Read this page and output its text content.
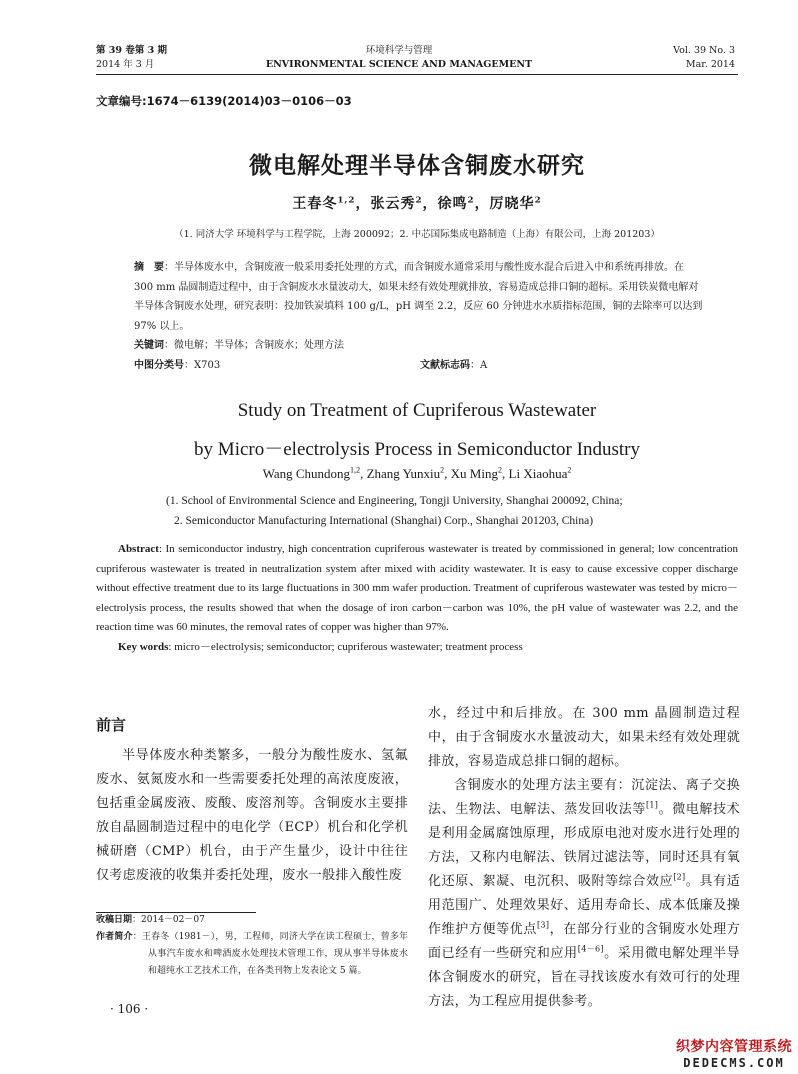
第 39 卷第 3 期
2014 年 3 月
环境科学与管理
ENVIRONMENTAL SCIENCE AND MANAGEMENT
Vol. 39 No. 3
Mar. 2014
文章编号:1674－6139(2014)03－0106－03
微电解处理半导体含铜废水研究
王春冬$^{1,2}$，张云秀$^2$，徐鸣$^2$，厉晓华$^2$
（1. 同济大学 环境科学与工程学院，上海 200092；2. 中芯国际集成电路制造（上海）有限公司，上海 201203）
摘　要：半导体废水中，含铜废液一般采用委托处理的方式，而含铜废水通常采用与酸性废水混合后进入中和系统再排放。在 300 mm 晶圆制造过程中，由于含铜废水水量波动大，如果未经有效处理就排放，容易造成总排口铜的超标。采用铁炭微电解对半导体含铜废水处理，研究表明：投加铁炭填料 100 g/L，pH 调至 2.2，反应 60 分钟进水水质指标范围，铜的去除率可以达到 97% 以上。
关键词：微电解；半导体；含铜废水；处理方法
中图分类号：X703	文献标志码：A
Study on Treatment of Cupriferous Wastewater
by Micro－electrolysis Process in Semiconductor Industry
Wang Chundong$^{1,2}$, Zhang Yunxiu$^2$, Xu Ming$^2$, Li Xiaohua$^2$
(1. School of Environmental Science and Engineering, Tongji University, Shanghai 200092, China;
2. Semiconductor Manufacturing International (Shanghai) Corp., Shanghai 201203, China)
Abstract: In semiconductor industry, high concentration cupriferous wastewater is treated by commissioned in general; low concentration cupriferous wastewater is treated in neutralization system after mixed with acidity wastewater. It is easy to cause excessive copper discharge without effective treatment due to its large fluctuations in 300 mm wafer production. Treatment of cupriferous wastewater was tested by micro－electrolysis process, the results showed that when the dosage of iron carbon－carbon was 10%, the pH value of wastewater was 2.2, and the reaction time was 60 minutes, the removal rates of copper was higher than 97%.
Key words: micro－electrolysis; semiconductor; cupriferous wastewater; treatment process
前言
半导体废水种类繁多，一般分为酸性废水、氢氟废水、氨氮废水和一些需要委托处理的高浓度废液，包括重金属废液、废酸、废溶剂等。含铜废水主要排放自晶圆制造过程中的电化学（ECP）机台和化学机械研磨（CMP）机台，由于产生量少，设计中往往仅考虑废液的收集并委托处理，废水一般排入酸性废
收稿日期：2014－02－07
作者简介：王春冬（1981－），男，工程师，同济大学在读工程硕士，曾多年从事汽车废水和啤酒废水处理技术管理工作，现从事半导体废水和超纯水工艺技术工作，在各类刊物上发表论文 5 篇。
· 106 ·
水，经过中和后排放。在 300 mm 晶圆制造过程中，由于含铜废水水量波动大，如果未经有效处理就排放，容易造成总排口铜的超标。
含铜废水的处理方法主要有：沉淀法、离子交换法、生物法、电解法、蒸发回收法等[1]。微电解技术是利用金属腐蚀原理，形成原电池对废水进行处理的方法，又称内电解法、铁屑过滤法等，同时还具有氧化还原、絮凝、电沉积、吸附等综合效应[2]。具有适用范围广、处理效果好、适用寿命长、成本低廉及操作维护方便等优点[3]，在部分行业的含铜废水处理方面已经有一些研究和应用[4－6]。采用微电解处理半导体含铜废水的研究，旨在寻找该废水有效可行的处理方法，为工程应用提供参考。
织梦内容管理系统
DEDECMS.COM
